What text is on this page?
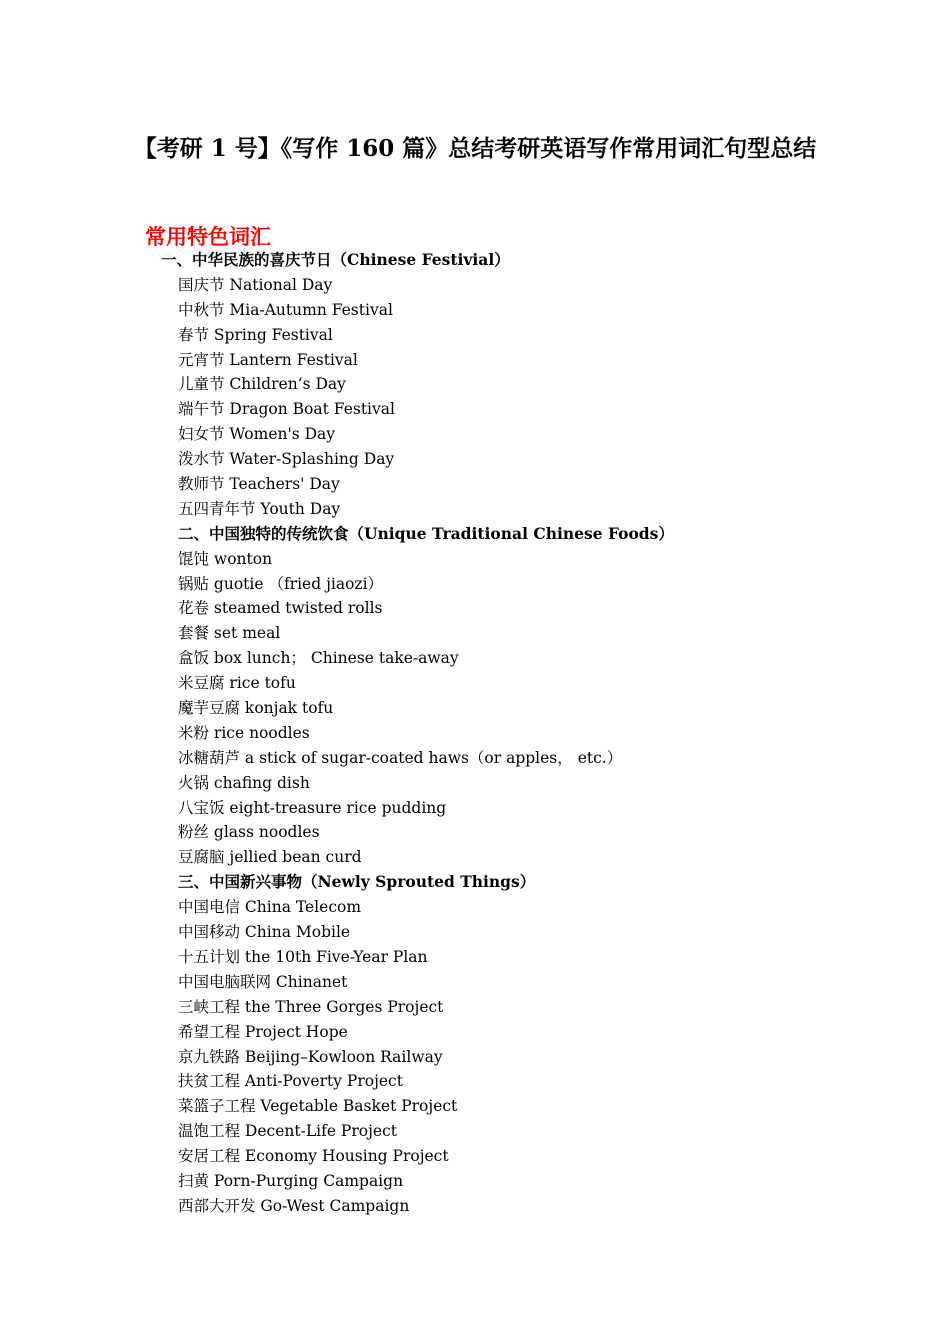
【考研 1 号】《写作 160 篇》总结考研英语写作常用词汇句型总结
常用特色词汇
一、中华民族的喜庆节日（Chinese Festivial）
国庆节 National Day
中秋节 Mia-Autumn Festival
春节 Spring Festival
元宵节 Lantern Festival
儿童节 Children‘s Day
端午节 Dragon Boat Festival
妇女节 Women's Day
泼水节 Water-Splashing Day
教师节 Teachers' Day
五四青年节 Youth Day
二、中国独特的传统饮食（Unique Traditional Chinese Foods）
馄饨 wonton
锅贴 guotie （fried jiaozi）
花卷 steamed twisted rolls
套餐 set meal
盒饭 box lunch； Chinese take-away
米豆腐 rice tofu
魔芋豆腐 konjak tofu
米粉 rice noodles
冰糖葫芦 a stick of sugar-coated haws（or apples， etc.）
火锅 chafing dish
八宝饭 eight-treasure rice pudding
粉丝 glass noodles
豆腐脑 jellied bean curd
三、中国新兴事物（Newly Sprouted Things）
中国电信 China Telecom
中国移动 China Mobile
十五计划 the 10th Five-Year Plan
中国电脑联网 Chinanet
三峡工程 the Three Gorges Project
希望工程 Project Hope
京九铁路 Beijing–Kowloon Railway
扶贫工程 Anti-Poverty Project
菜篮子工程 Vegetable Basket Project
温饱工程 Decent-Life Project
安居工程 Economy Housing Project
扫黄 Porn-Purging Campaign
西部大开发 Go-West Campaign
